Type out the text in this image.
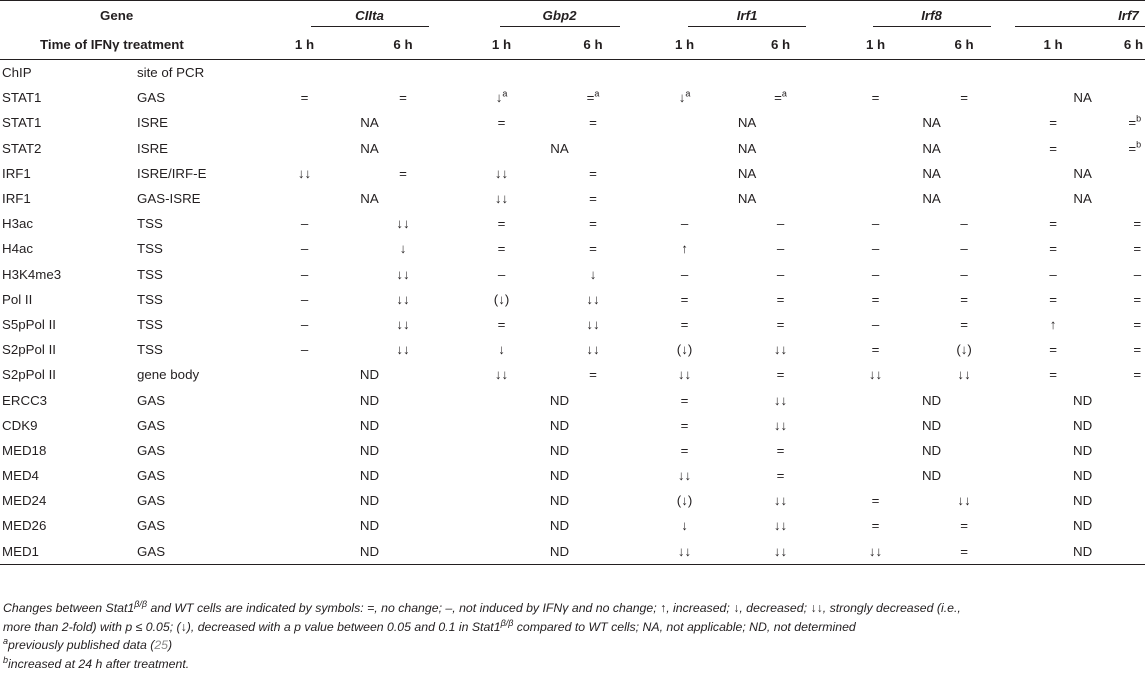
Gene		CIIta		Gbp2		Irf1		Irf8		Irf7	

Time of IFNγ treatment		1 h	6 h	1 h	6 h	1 h	6 h	1 h	6 h	1 h	6 h
ChIP	site of PCR										
STAT1	GAS	=	=	↓$^a$	=$^a$	↓$^a$	=$^a$	=	=	NA	
STAT1	ISRE	NA		=	=	NA		NA		=	=$^b$
STAT2	ISRE	NA		NA		NA		NA		=	=$^b$
IRF1	ISRE/IRF-E	↓↓	=	↓↓	=	NA		NA		NA	
IRF1	GAS-ISRE	NA		↓↓	=	NA		NA		NA	
H3ac	TSS	–	↓↓	=	=	–	–	–	–	=	=
H4ac	TSS	–	↓	=	=	↑	–	–	–	=	=
H3K4me3	TSS	–	↓↓	–	↓	–	–	–	–	–	–
Pol II	TSS	–	↓↓	(↓)	↓↓	=	=	=	=	=	=
S5pPol II	TSS	–	↓↓	=	↓↓	=	=	–	=	↑	=
S2pPol II	TSS	–	↓↓	↓	↓↓	(↓)	↓↓	=	(↓)	=	=
S2pPol II	gene body	ND		↓↓	=	↓↓	=	↓↓	↓↓	=	=
ERCC3	GAS	ND		ND		=	↓↓	ND		ND	
CDK9	GAS	ND		ND		=	↓↓	ND		ND	
MED18	GAS	ND		ND		=	=	ND		ND	
MED4	GAS	ND		ND		↓↓	=	ND		ND	
MED24	GAS	ND		ND		(↓)	↓↓	=	↓↓	ND	
MED26	GAS	ND		ND		↓	↓↓	=	=	ND	
MED1	GAS	ND		ND		↓↓	↓↓	↓↓	=	ND	

Changes between $Stat1^{\beta/\beta}$ and WT cells are indicated by symbols: =, no change; –, not induced by IFNγ and no change; ↑, increased; ↓, decreased; ↓↓, strongly decreased (i.e.,
more than 2-fold) with p ≤ 0.05; (↓), decreased with a p value between 0.05 and 0.1 in $Stat1^{\beta/\beta}$ compared to WT cells; NA, not applicable; ND, not determined

$^a$previously published data (25)

$^b$increased at 24 h after treatment.
